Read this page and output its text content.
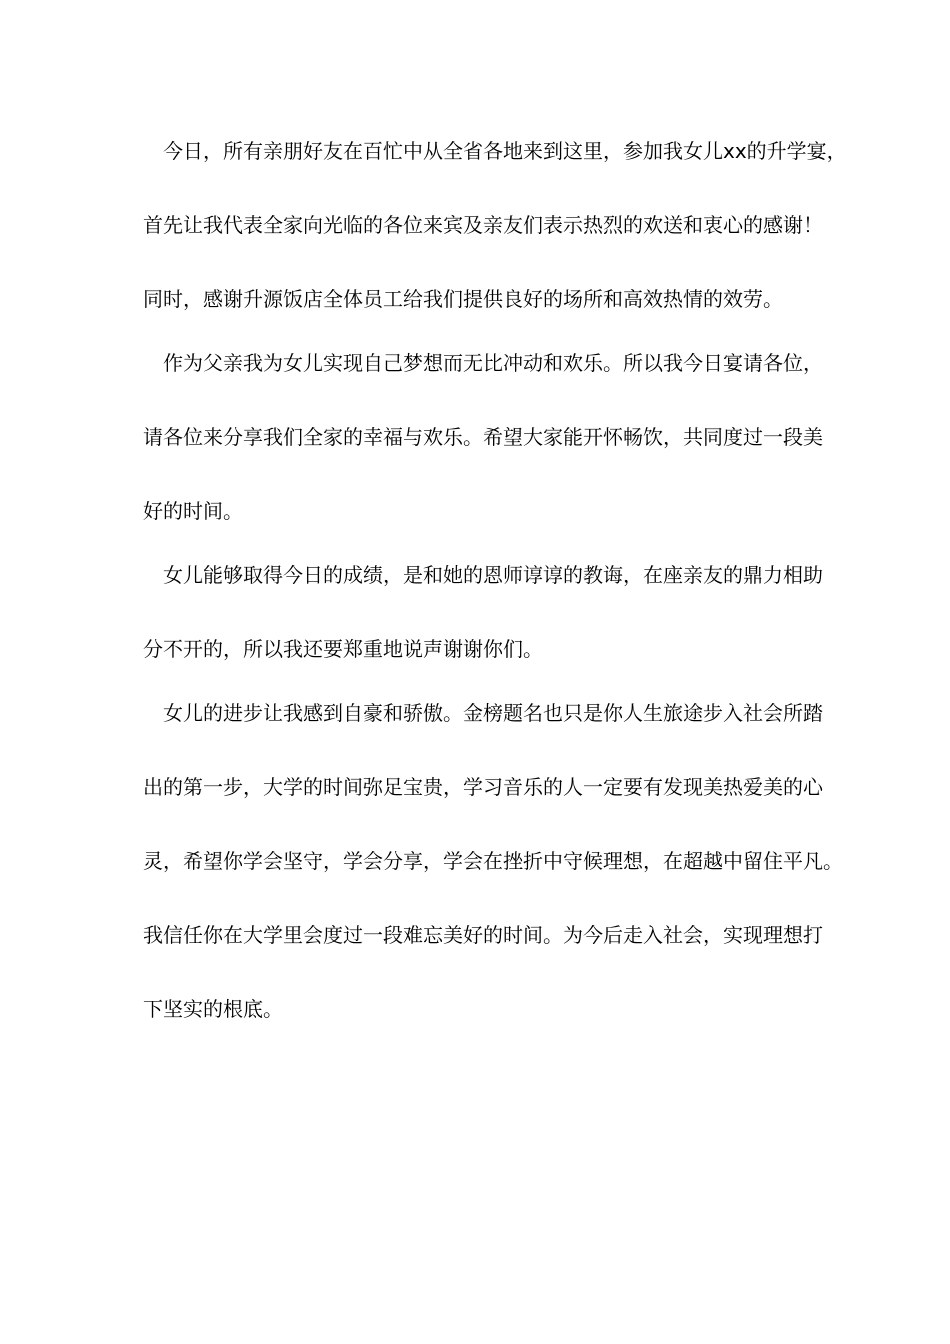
今日，所有亲朋好友在百忙中从全省各地来到这里，参加我女儿xx的升学宴，
首先让我代表全家向光临的各位来宾及亲友们表示热烈的欢送和衷心的感谢！
同时，感谢升源饭店全体员工给我们提供良好的场所和高效热情的效劳。
作为父亲我为女儿实现自己梦想而无比冲动和欢乐。所以我今日宴请各位，
请各位来分享我们全家的幸福与欢乐。希望大家能开怀畅饮，共同度过一段美
好的时间。
女儿能够取得今日的成绩，是和她的恩师谆谆的教诲，在座亲友的鼎力相助
分不开的，所以我还要郑重地说声谢谢你们。
女儿的进步让我感到自豪和骄傲。金榜题名也只是你人生旅途步入社会所踏
出的第一步，大学的时间弥足宝贵，学习音乐的人一定要有发现美热爱美的心
灵，希望你学会坚守，学会分享，学会在挫折中守候理想，在超越中留住平凡。
我信任你在大学里会度过一段难忘美好的时间。为今后走入社会，实现理想打
下坚实的根底。
